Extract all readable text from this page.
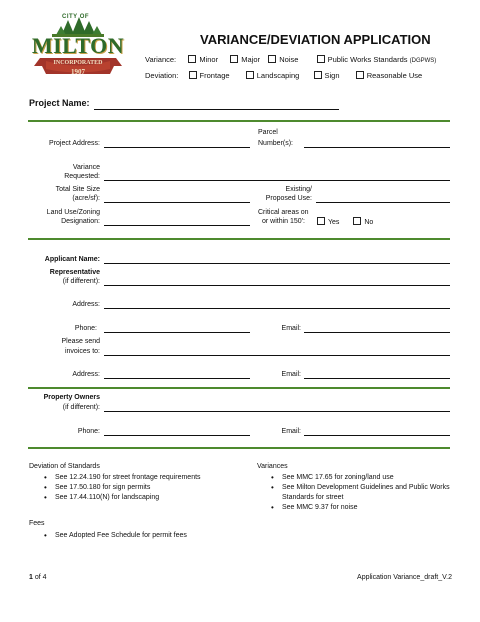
CITY OF
MILTON
INCORPORATED
1907
VARIANCE/DEVIATION APPLICATION
Variance:	Minor	Major	Noise	Public Works Standards (DGPWS)
Deviation:	Frontage	Landscaping	Sign	Reasonable Use
Project Name:
Project Address:
Parcel
Number(s):
Variance
Requested:
Total Site Size
(acre/sf):
Existing/
Proposed Use:
Land Use/Zoning
Designation:
Critical areas on
or within 150':	Yes	No
Applicant Name:
Representative
(if different):
Address:
Phone:	Email:
Please send
invoices to:
Address:	Email:
Property Owners
(if different):
Phone:	Email:
Deviation of Standards
• See 12.24.190 for street frontage requirements
• See 17.50.180 for sign permits
• See 17.44.110(N) for landscaping
Variances
• See MMC 17.65 for zoning/land use
• See Milton Development Guidelines and Public Works Standards for street
• See MMC 9.37 for noise
Fees
• See Adopted Fee Schedule for permit fees
1 of 4	Application Variance_draft_V.2
